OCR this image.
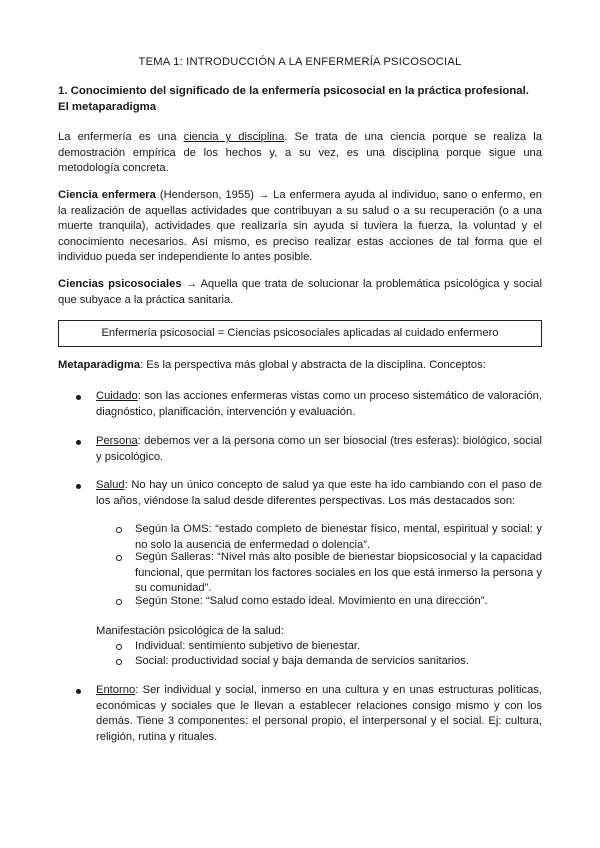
TEMA 1: INTRODUCCIÓN A LA ENFERMERÍA PSICOSOCIAL
1. Conocimiento del significado de la enfermería psicosocial en la práctica profesional. El metaparadigma
La enfermería es una ciencia y disciplina. Se trata de una ciencia porque se realiza la demostración empírica de los hechos y, a su vez, es una disciplina porque sigue una metodología concreta.
Ciencia enfermera (Henderson, 1955) → La enfermera ayuda al individuo, sano o enfermo, en la realización de aquellas actividades que contribuyan a su salud o a su recuperación (o a una muerte tranquila), actividades que realizaría sin ayuda si tuviera la fuerza, la voluntad y el conocimiento necesarios. Así mismo, es preciso realizar estas acciones de tal forma que el individuo pueda ser independiente lo antes posible.
Ciencias psicosociales → Aquella que trata de solucionar la problemática psicológica y social que subyace a la práctica sanitaria.
Enfermería psicosocial = Ciencias psicosociales aplicadas al cuidado enfermero
Metaparadigma: Es la perspectiva más global y abstracta de la disciplina. Conceptos:
Cuidado: son las acciones enfermeras vistas como un proceso sistemático de valoración, diagnóstico, planificación, intervención y evaluación.
Persona: debemos ver a la persona como un ser biosocial (tres esferas): biológico, social y psicológico.
Salud: No hay un único concepto de salud ya que este ha ido cambiando con el paso de los años, viéndose la salud desde diferentes perspectivas. Los más destacados son:
Según la OMS: “estado completo de bienestar físico, mental, espiritual y social: y no solo la ausencia de enfermedad o dolencia”.
Según Salleras: “Nivel más alto posible de bienestar biopsicosocial y la capacidad funcional, que permitan los factores sociales en los que está inmerso la persona y su comunidad”.
Según Stone: “Salud como estado ideal. Movimiento en una dirección”.
Manifestación psicológica de la salud:
Individual: sentimiento subjetivo de bienestar.
Social: productividad social y baja demanda de servicios sanitarios.
Entorno: Ser individual y social, inmerso en una cultura y en unas estructuras políticas, económicas y sociales que le llevan a establecer relaciones consigo mismo y con los demás. Tiene 3 componentes: el personal propio, el interpersonal y el social. Ej: cultura, religión, rutina y rituales.
